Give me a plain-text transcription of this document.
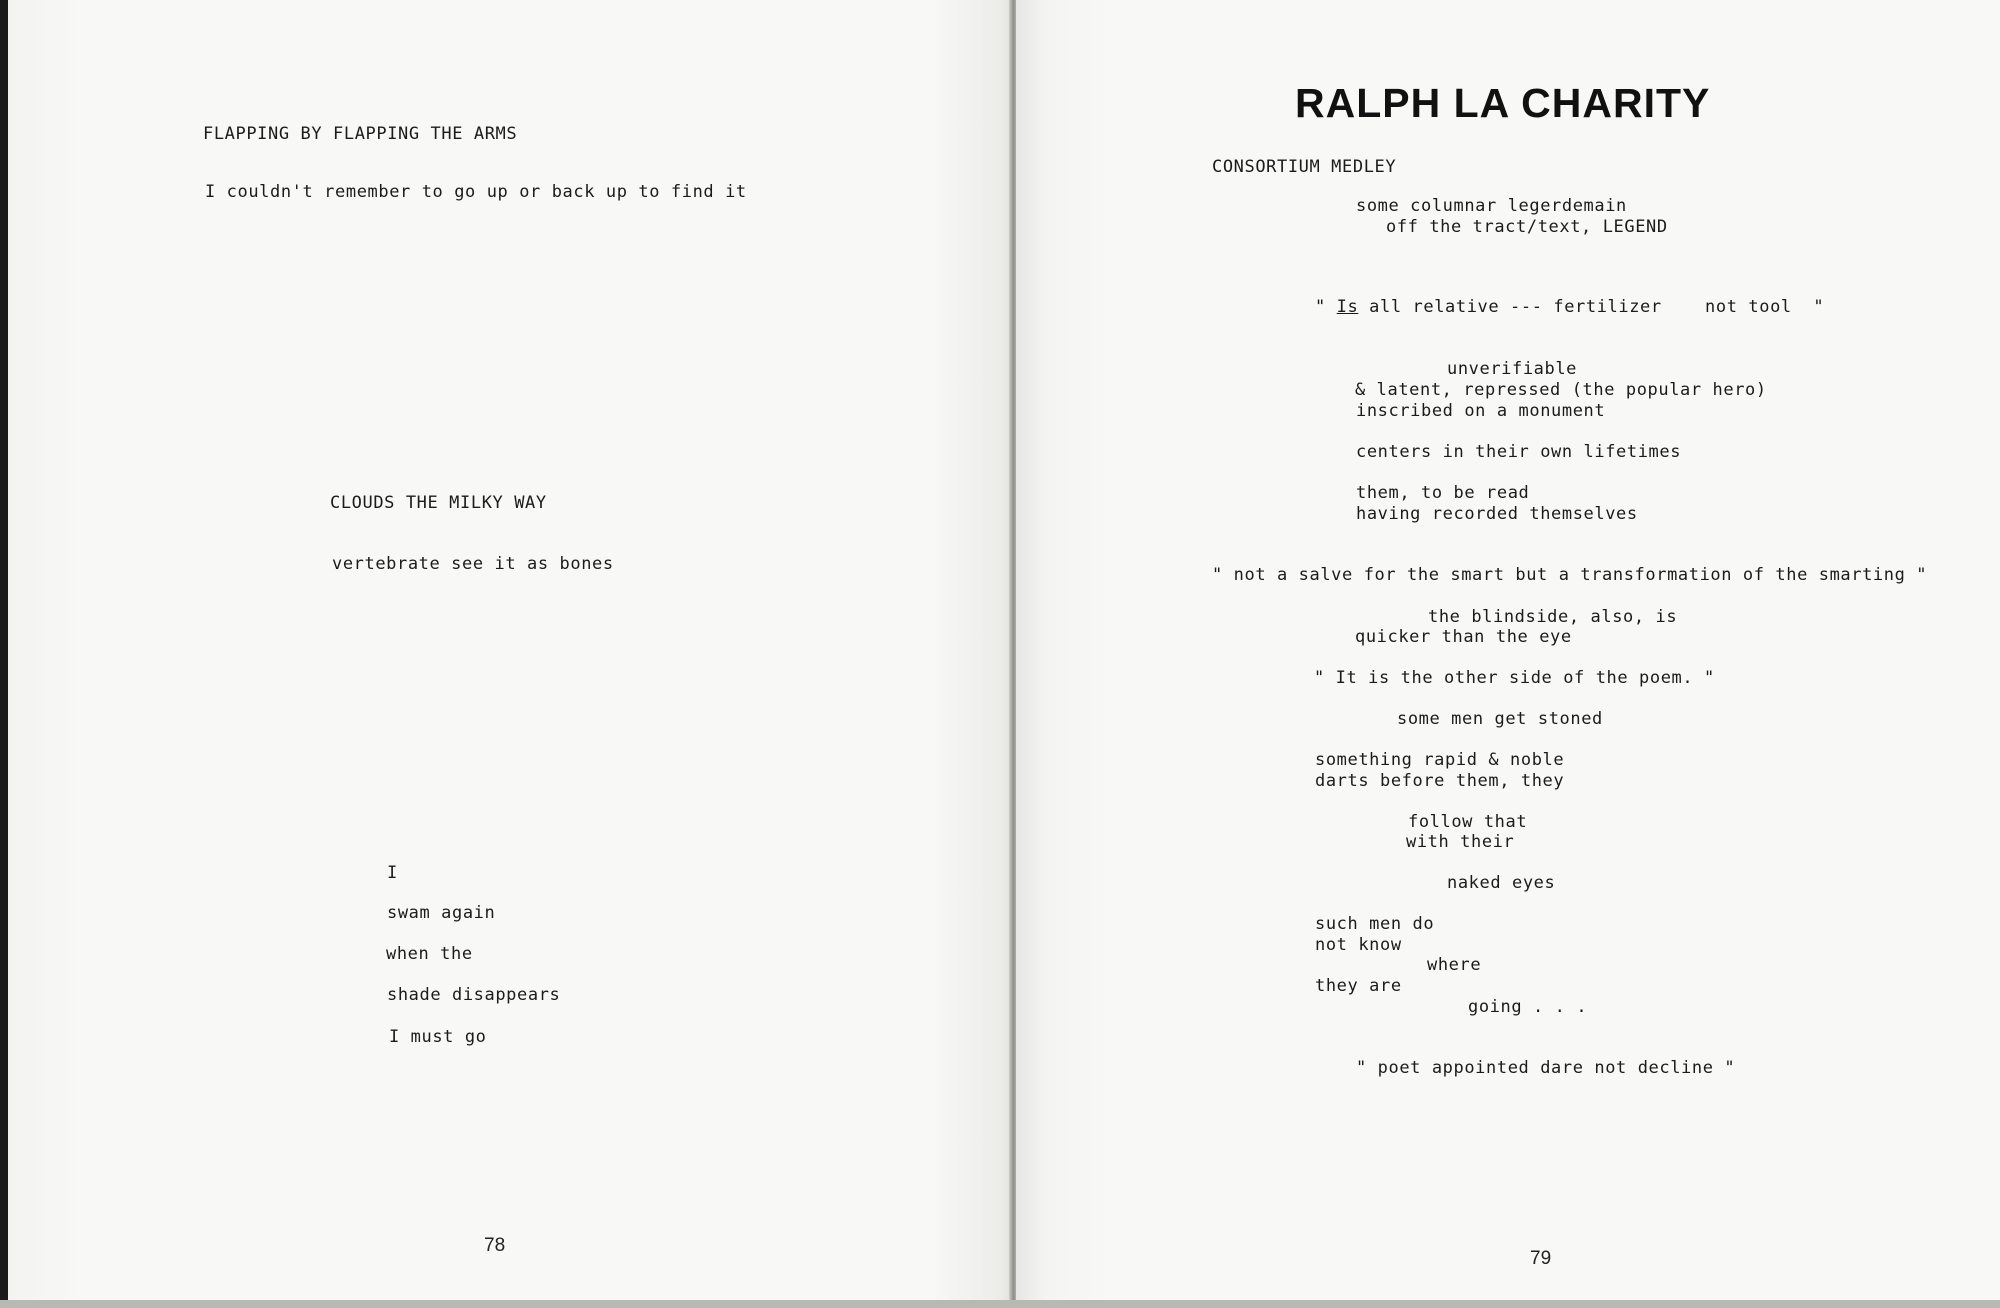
FLAPPING BY FLAPPING THE ARMS
I couldn't remember to go up or back up to find it
CLOUDS THE MILKY WAY
vertebrate see it as bones
I
swam again
when the
shade disappears
I must go
78
RALPH LA CHARITY
CONSORTIUM MEDLEY
some columnar legerdemain
off the tract/text, LEGEND
" Is all relative --- fertilizer    not tool  "
unverifiable
& latent, repressed (the popular hero)
inscribed on a monument
centers in their own lifetimes
them, to be read
having recorded themselves
" not a salve for the smart but a transformation of the smarting "
the blindside, also, is
quicker than the eye
" It is the other side of the poem. "
some men get stoned
something rapid & noble
darts before them, they
follow that
with their
naked eyes
such men do
not know
where
they are
going . . .
" poet appointed dare not decline "
79
